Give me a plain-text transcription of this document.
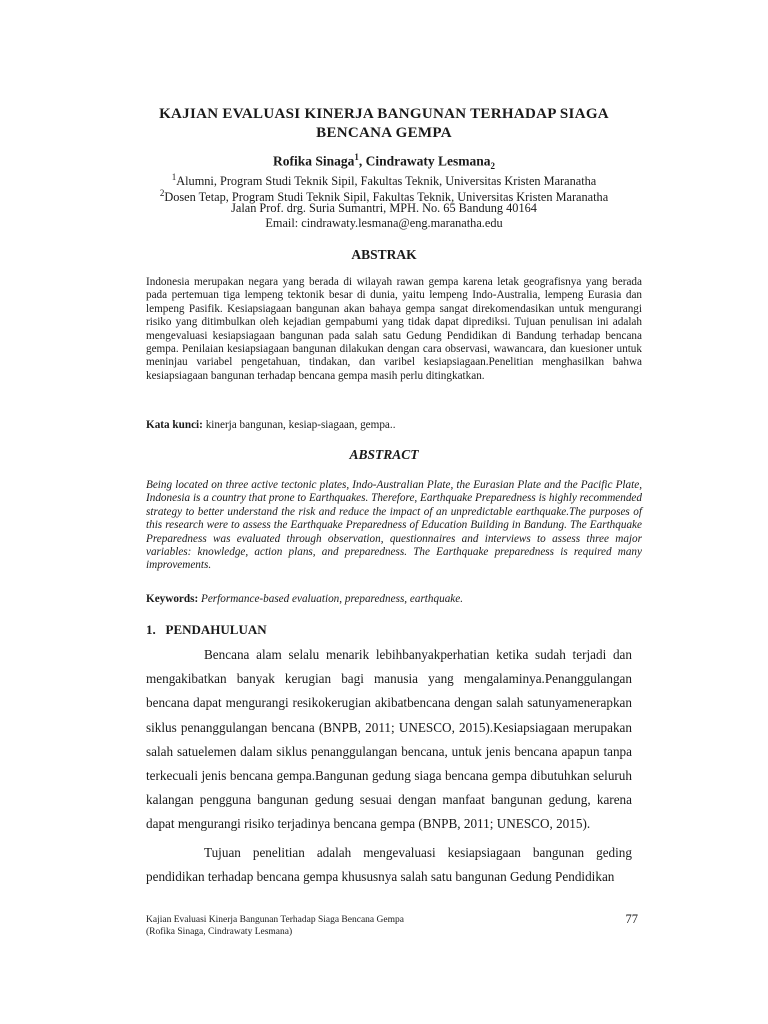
KAJIAN EVALUASI KINERJA BANGUNAN TERHADAP SIAGA
BENCANA GEMPA
Rofika Sinaga$^1$, Cindrawaty Lesmana$_2$
$^1$Alumni, Program Studi Teknik Sipil, Fakultas Teknik, Universitas Kristen Maranatha
$^2$Dosen Tetap, Program Studi Teknik Sipil, Fakultas Teknik, Universitas Kristen Maranatha
Jalan Prof. drg. Suria Sumantri, MPH. No. 65 Bandung 40164
Email: cindrawaty.lesmana@eng.maranatha.edu
ABSTRAK
Indonesia merupakan negara yang berada di wilayah rawan gempa karena letak geografisnya yang berada pada pertemuan tiga lempeng tektonik besar di dunia, yaitu lempeng Indo-Australia, lempeng Eurasia dan lempeng Pasifik. Kesiapsiagaan bangunan akan bahaya gempa sangat direkomendasikan untuk mengurangi risiko yang ditimbulkan oleh kejadian gempabumi yang tidak dapat diprediksi. Tujuan penulisan ini adalah mengevaluasi kesiapsiagaan bangunan pada salah satu Gedung Pendidikan di Bandung terhadap bencana gempa. Penilaian kesiapsiagaan bangunan dilakukan dengan cara observasi, wawancara, dan kuesioner untuk meninjau variabel pengetahuan, tindakan, dan varibel kesiapsiagaan.Penelitian menghasilkan bahwa kesiapsiagaan bangunan terhadap bencana gempa masih perlu ditingkatkan.
Kata kunci: kinerja bangunan, kesiap-siagaan, gempa..
ABSTRACT
Being located on three active tectonic plates, Indo-Australian Plate, the Eurasian Plate and the Pacific Plate, Indonesia is a country that prone to Earthquakes. Therefore, Earthquake Preparedness is highly recommended strategy to better understand the risk and reduce the impact of an unpredictable earthquake.The purposes of this research were to assess the Earthquake Preparedness of Education Building in Bandung. The Earthquake Preparedness was evaluated through observation, questionnaires and interviews to assess three major variables: knowledge, action plans, and preparedness. The Earthquake preparedness is required many improvements.
Keywords: Performance-based evaluation, preparedness, earthquake.
1.   PENDAHULUAN

Bencana alam selalu menarik lebihbanyakperhatian ketika sudah terjadi dan mengakibatkan banyak kerugian bagi manusia yang mengalaminya.Penanggulangan bencana dapat mengurangi resikokerugian akibatbencana dengan salah satunyamenerapkan siklus penanggulangan bencana (BNPB, 2011; UNESCO, 2015).Kesiapsiagaan merupakan salah satuelemen dalam siklus penanggulangan bencana, untuk jenis bencana apapun tanpa terkecuali jenis bencana gempa.Bangunan gedung siaga bencana gempa dibutuhkan seluruh kalangan pengguna bangunan gedung sesuai dengan manfaat bangunan gedung, karena dapat mengurangi risiko terjadinya bencana gempa (BNPB, 2011; UNESCO, 2015).

Tujuan penelitian adalah mengevaluasi kesiapsiagaan bangunan geding pendidikan terhadap bencana gempa khususnya salah satu bangunan Gedung Pendidikan

Kajian Evaluasi Kinerja Bangunan Terhadap Siaga Bencana Gempa
(Rofika Sinaga, Cindrawaty Lesmana)
77
